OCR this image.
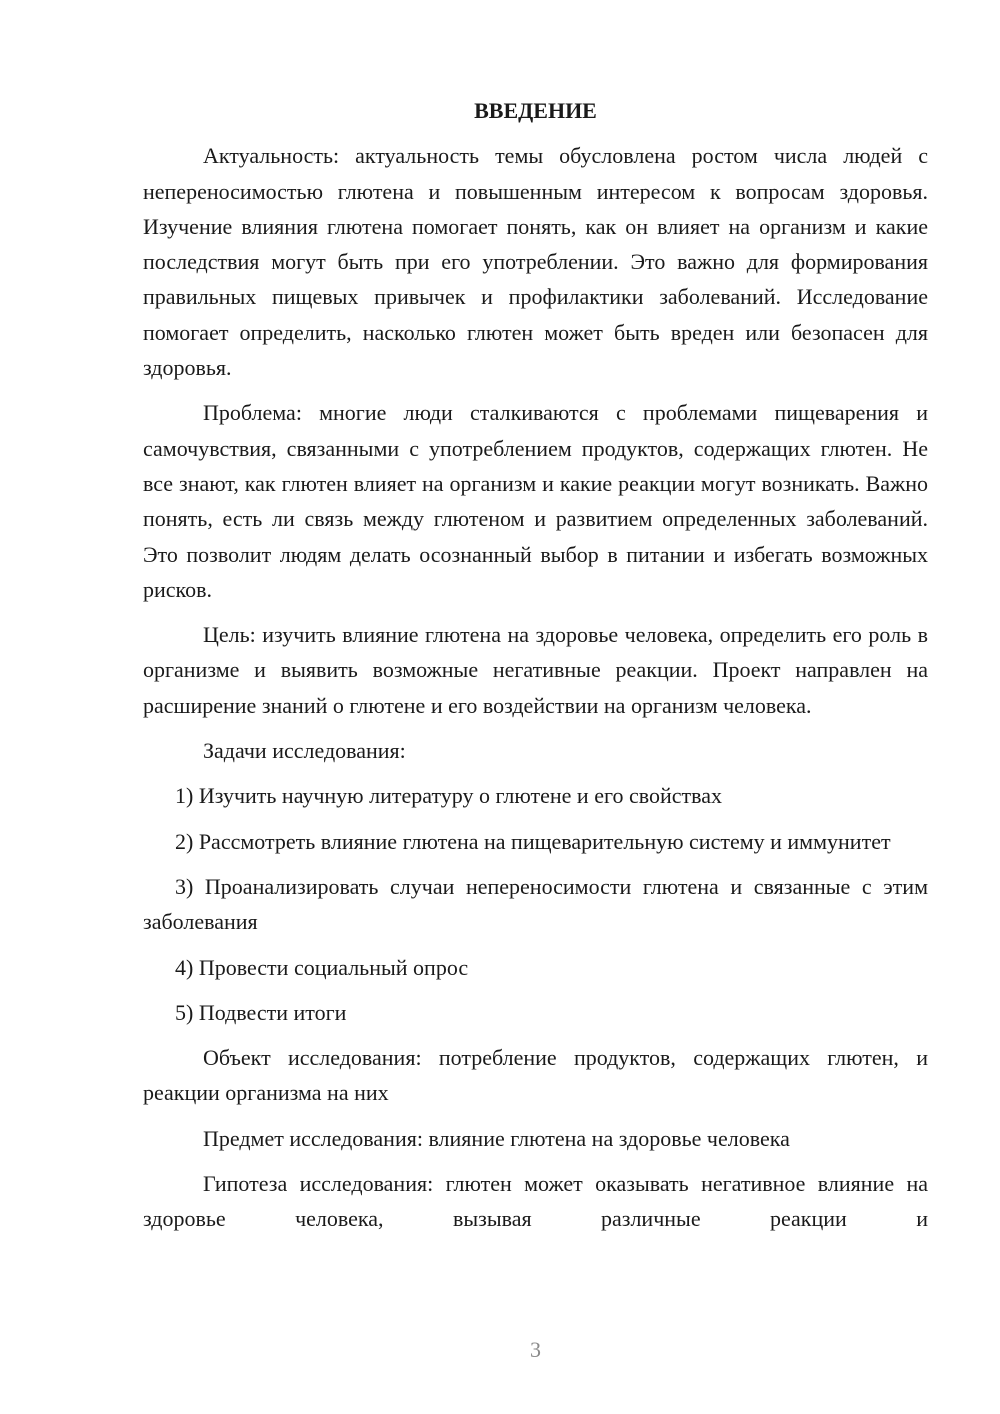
ВВЕДЕНИЕ

Актуальность: актуальность темы обусловлена ростом числа людей с непереносимостью глютена и повышенным интересом к вопросам здоровья. Изучение влияния глютена помогает понять, как он влияет на организм и какие последствия могут быть при его употреблении. Это важно для формирования правильных пищевых привычек и профилактики заболеваний. Исследование помогает определить, насколько глютен может быть вреден или безопасен для здоровья.

Проблема: многие люди сталкиваются с проблемами пищеварения и самочувствия, связанными с употреблением продуктов, содержащих глютен. Не все знают, как глютен влияет на организм и какие реакции могут возникать. Важно понять, есть ли связь между глютеном и развитием определенных заболеваний. Это позволит людям делать осознанный выбор в питании и избегать возможных рисков.

Цель: изучить влияние глютена на здоровье человека, определить его роль в организме и выявить возможные негативные реакции. Проект направлен на расширение знаний о глютене и его воздействии на организм человека.

Задачи исследования:

1) Изучить научную литературу о глютене и его свойствах

2) Рассмотреть влияние глютена на пищеварительную систему и иммунитет

3) Проанализировать случаи непереносимости глютена и связанные с этим заболевания

4) Провести социальный опрос

5) Подвести итоги

Объект исследования: потребление продуктов, содержащих глютен, и реакции организма на них

Предмет исследования: влияние глютена на здоровье человека

Гипотеза исследования: глютен может оказывать негативное влияние на здоровье человека, вызывая различные реакции и

3
